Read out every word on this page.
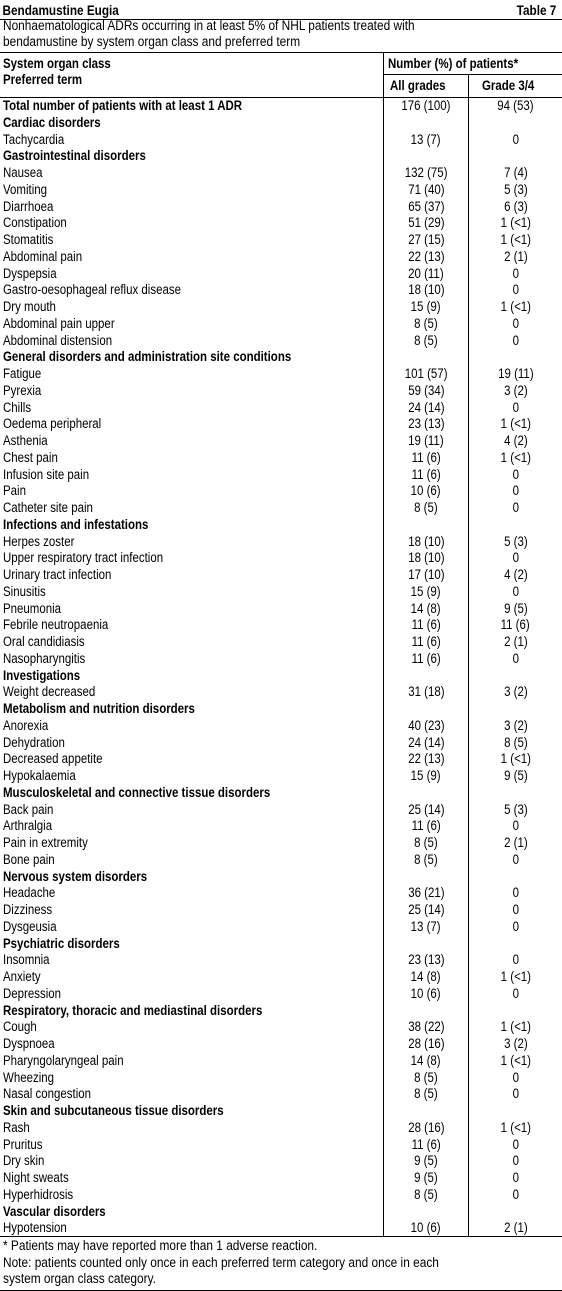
Bendamustine Eugia	Table 7
Nonhaematological ADRs occurring in at least 5% of NHL patients treated with bendamustine by system organ class and preferred term
System organ class
Preferred term
Number (%) of patients*
All grades	Grade 3/4
Total number of patients with at least 1 ADR	176 (100)	94 (53)
Cardiac disorders
Tachycardia	13 (7)	0
Gastrointestinal disorders
Nausea	132 (75)	7 (4)
Vomiting	71 (40)	5 (3)
Diarrhoea	65 (37)	6 (3)
Constipation	51 (29)	1 (<1)
Stomatitis	27 (15)	1 (<1)
Abdominal pain	22 (13)	2 (1)
Dyspepsia	20 (11)	0
Gastro-oesophageal reflux disease	18 (10)	0
Dry mouth	15 (9)	1 (<1)
Abdominal pain upper	8 (5)	0
Abdominal distension	8 (5)	0
General disorders and administration site conditions
Fatigue	101 (57)	19 (11)
Pyrexia	59 (34)	3 (2)
Chills	24 (14)	0
Oedema peripheral	23 (13)	1 (<1)
Asthenia	19 (11)	4 (2)
Chest pain	11 (6)	1 (<1)
Infusion site pain	11 (6)	0
Pain	10 (6)	0
Catheter site pain	8 (5)	0
Infections and infestations
Herpes zoster	18 (10)	5 (3)
Upper respiratory tract infection	18 (10)	0
Urinary tract infection	17 (10)	4 (2)
Sinusitis	15 (9)	0
Pneumonia	14 (8)	9 (5)
Febrile neutropaenia	11 (6)	11 (6)
Oral candidiasis	11 (6)	2 (1)
Nasopharyngitis	11 (6)	0
Investigations
Weight decreased	31 (18)	3 (2)
Metabolism and nutrition disorders
Anorexia	40 (23)	3 (2)
Dehydration	24 (14)	8 (5)
Decreased appetite	22 (13)	1 (<1)
Hypokalaemia	15 (9)	9 (5)
Musculoskeletal and connective tissue disorders
Back pain	25 (14)	5 (3)
Arthralgia	11 (6)	0
Pain in extremity	8 (5)	2 (1)
Bone pain	8 (5)	0
Nervous system disorders
Headache	36 (21)	0
Dizziness	25 (14)	0
Dysgeusia	13 (7)	0
Psychiatric disorders
Insomnia	23 (13)	0
Anxiety	14 (8)	1 (<1)
Depression	10 (6)	0
Respiratory, thoracic and mediastinal disorders
Cough	38 (22)	1 (<1)
Dyspnoea	28 (16)	3 (2)
Pharyngolaryngeal pain	14 (8)	1 (<1)
Wheezing	8 (5)	0
Nasal congestion	8 (5)	0
Skin and subcutaneous tissue disorders
Rash	28 (16)	1 (<1)
Pruritus	11 (6)	0
Dry skin	9 (5)	0
Night sweats	9 (5)	0
Hyperhidrosis	8 (5)	0
Vascular disorders
Hypotension	10 (6)	2 (1)
* Patients may have reported more than 1 adverse reaction.
Note: patients counted only once in each preferred term category and once in each system organ class category.
